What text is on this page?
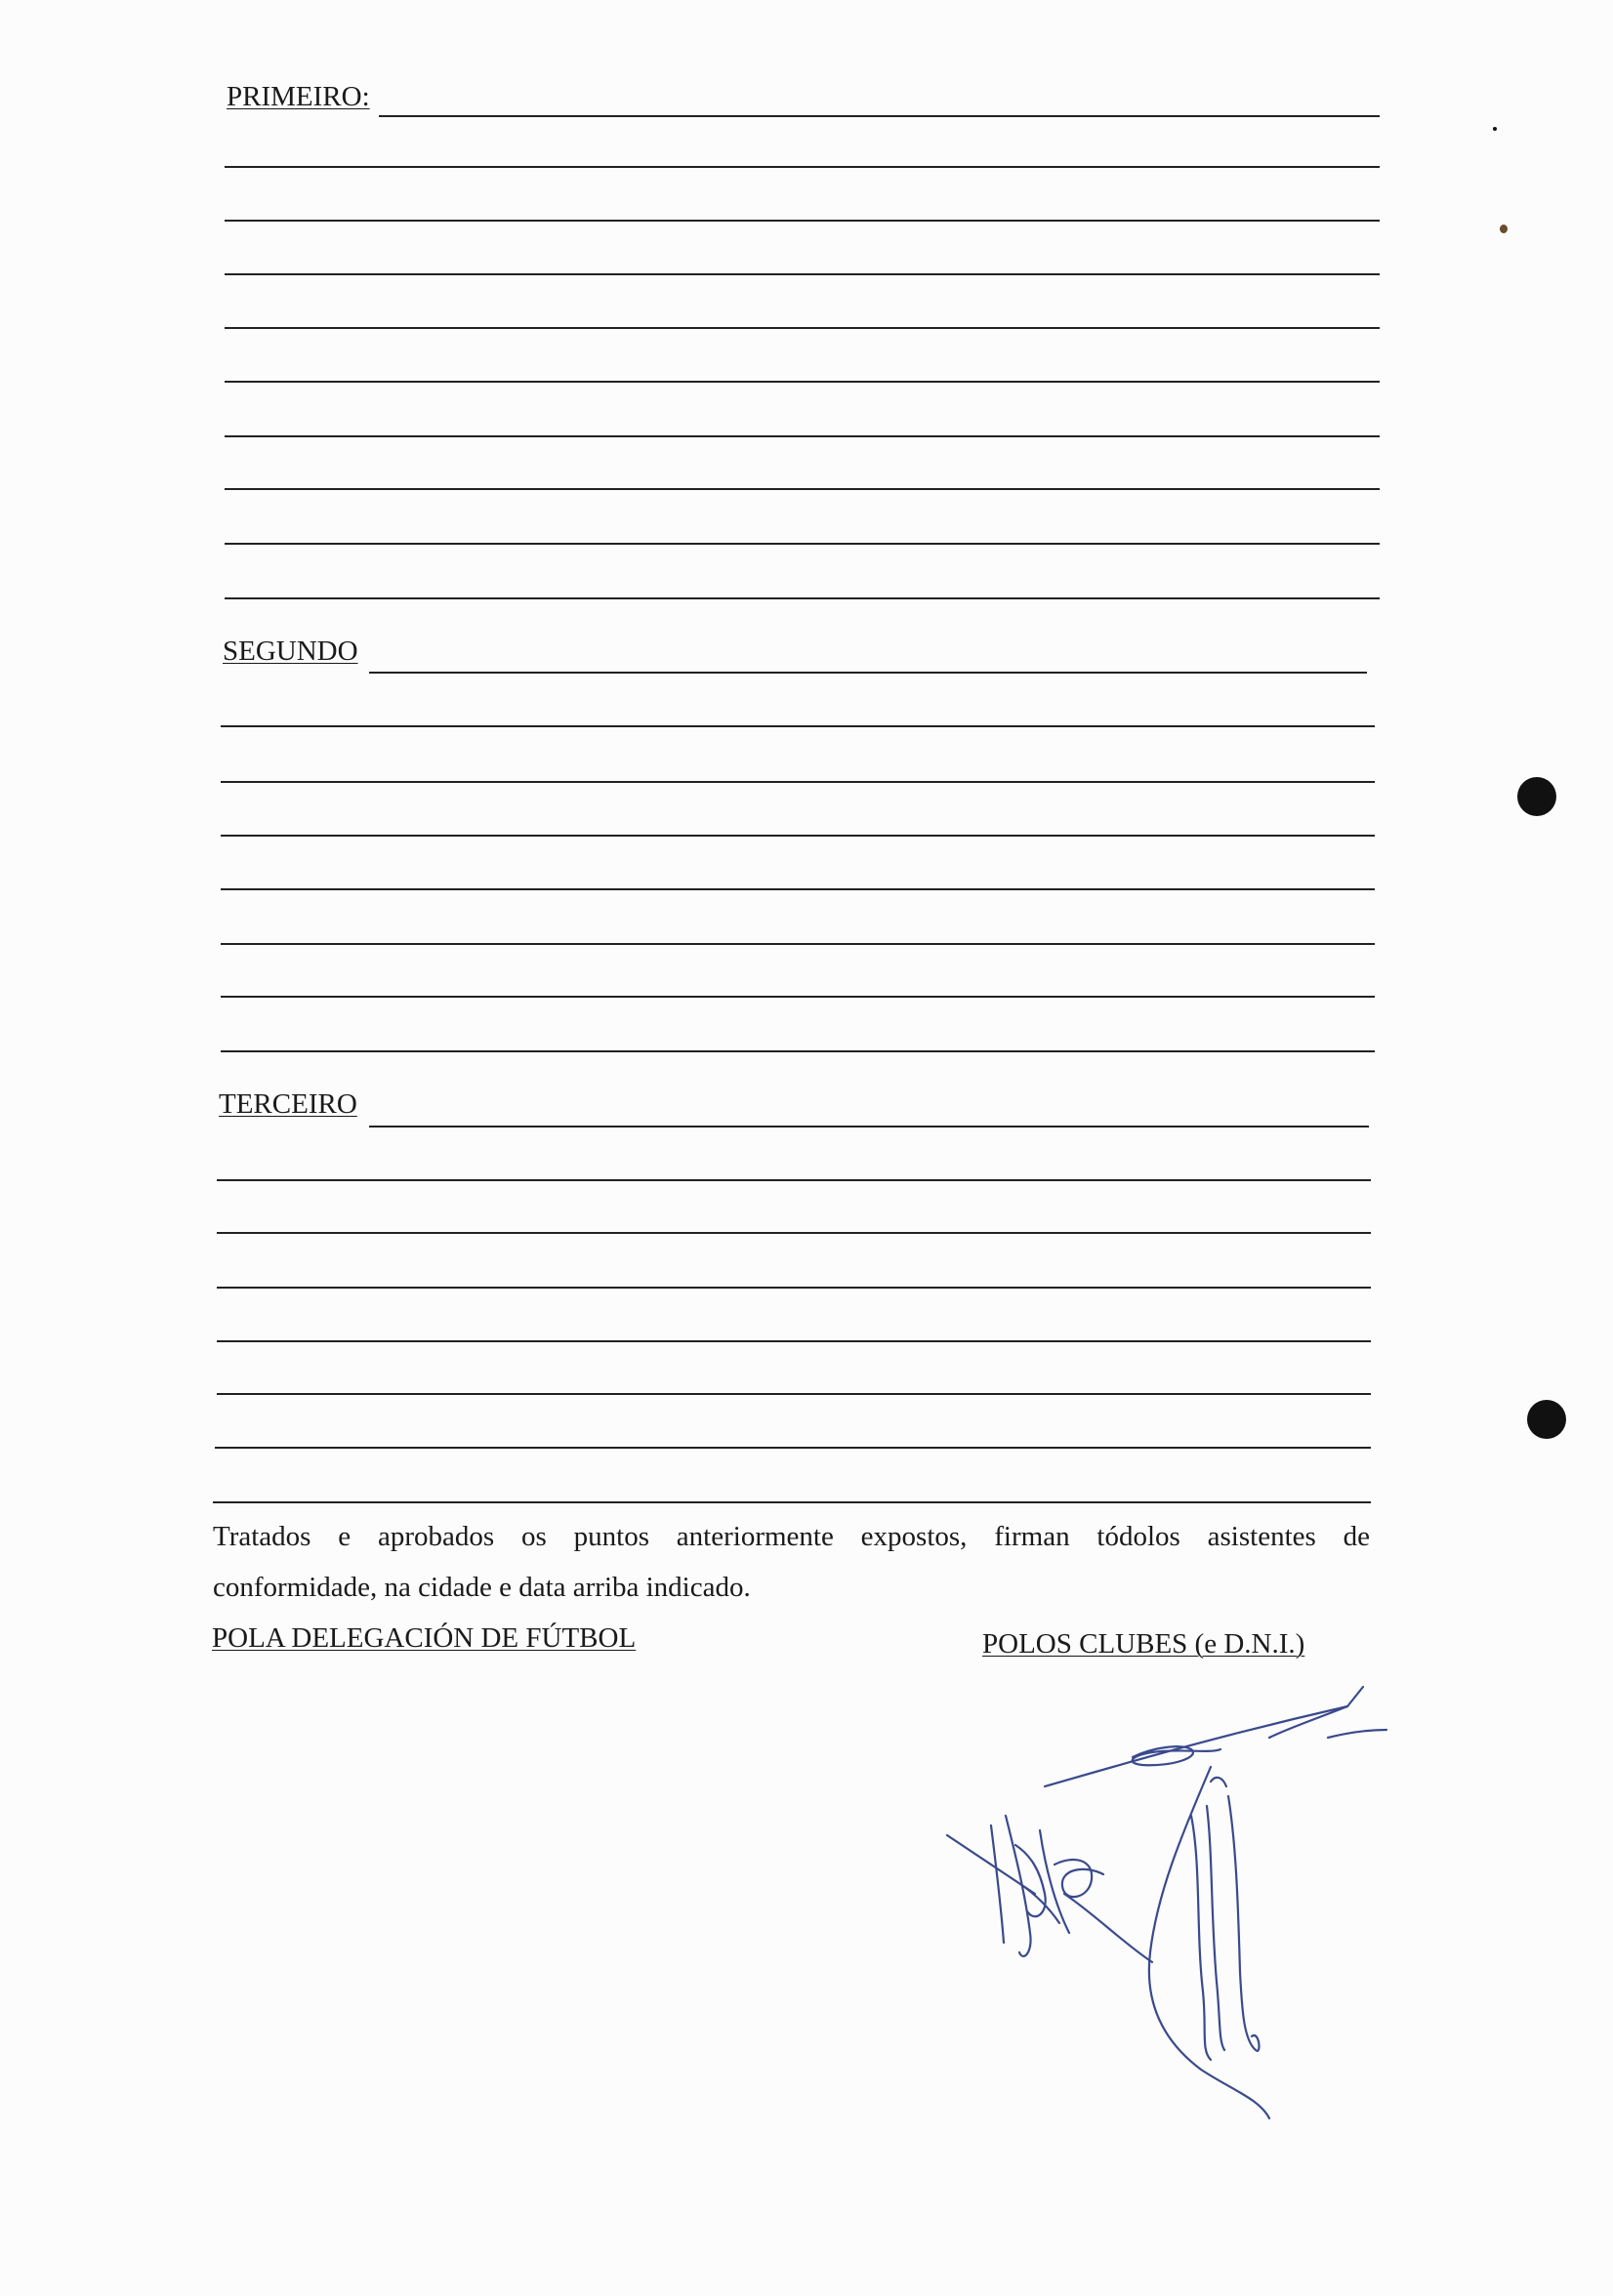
PRIMEIRO:
SEGUNDO
TERCEIRO
Tratados e aprobados os puntos anteriormente expostos, firman tódolos asistentes de
conformidade, na cidade e data arriba indicado.
POLA DELEGACIÓN DE FÚTBOL	POLOS CLUBES (e D.N.I.)
